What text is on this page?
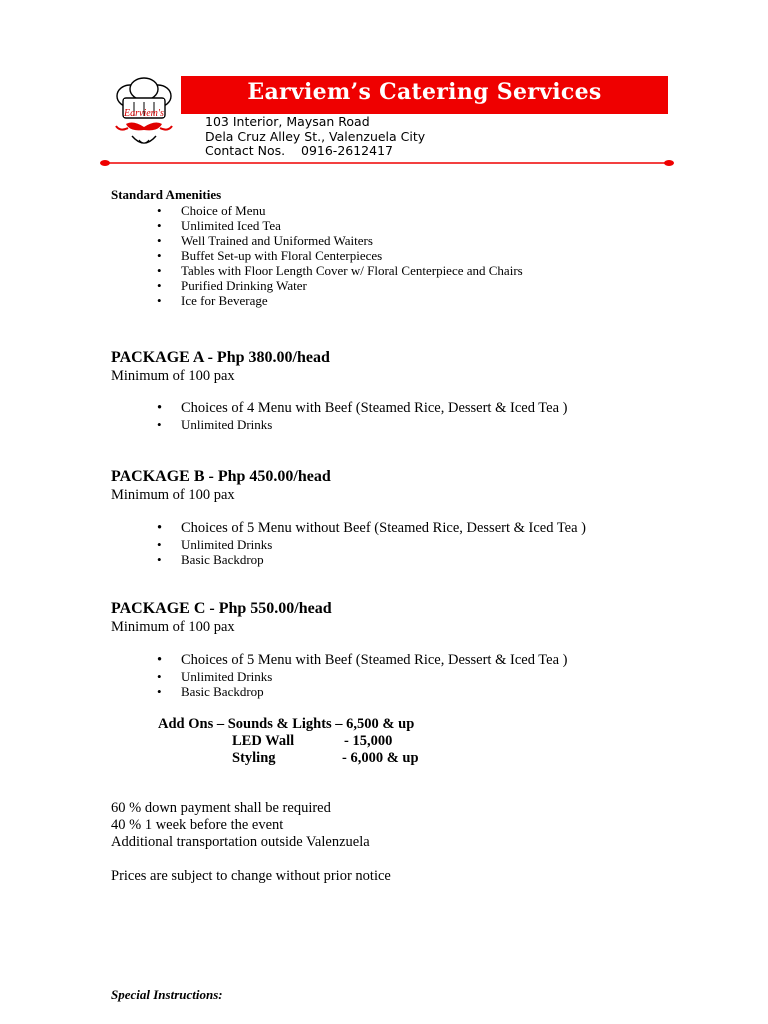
Earviem's
Earviem’s Catering Services
103 Interior, Maysan Road
Dela Cruz Alley St., Valenzuela City
Contact Nos. 0916-2612417
Standard Amenities
• Choice of Menu
• Unlimited Iced Tea
• Well Trained and Uniformed Waiters
• Buffet Set-up with Floral Centerpieces
• Tables with Floor Length Cover w/ Floral Centerpiece and Chairs
• Purified Drinking Water
• Ice for Beverage
PACKAGE A - Php 380.00/head
Minimum of 100 pax
• Choices of 4 Menu with Beef (Steamed Rice, Dessert & Iced Tea )
• Unlimited Drinks
PACKAGE B - Php 450.00/head
Minimum of 100 pax
• Choices of 5 Menu without Beef (Steamed Rice, Dessert & Iced Tea )
• Unlimited Drinks
• Basic Backdrop
PACKAGE C - Php 550.00/head
Minimum of 100 pax
• Choices of 5 Menu with Beef (Steamed Rice, Dessert & Iced Tea )
• Unlimited Drinks
• Basic Backdrop
Add Ons – Sounds & Lights – 6,500 & up
LED Wall	- 15,000
Styling	- 6,000 & up
60 % down payment shall be required
40 % 1 week before the event
Additional transportation outside Valenzuela
Prices are subject to change without prior notice
Special Instructions:
